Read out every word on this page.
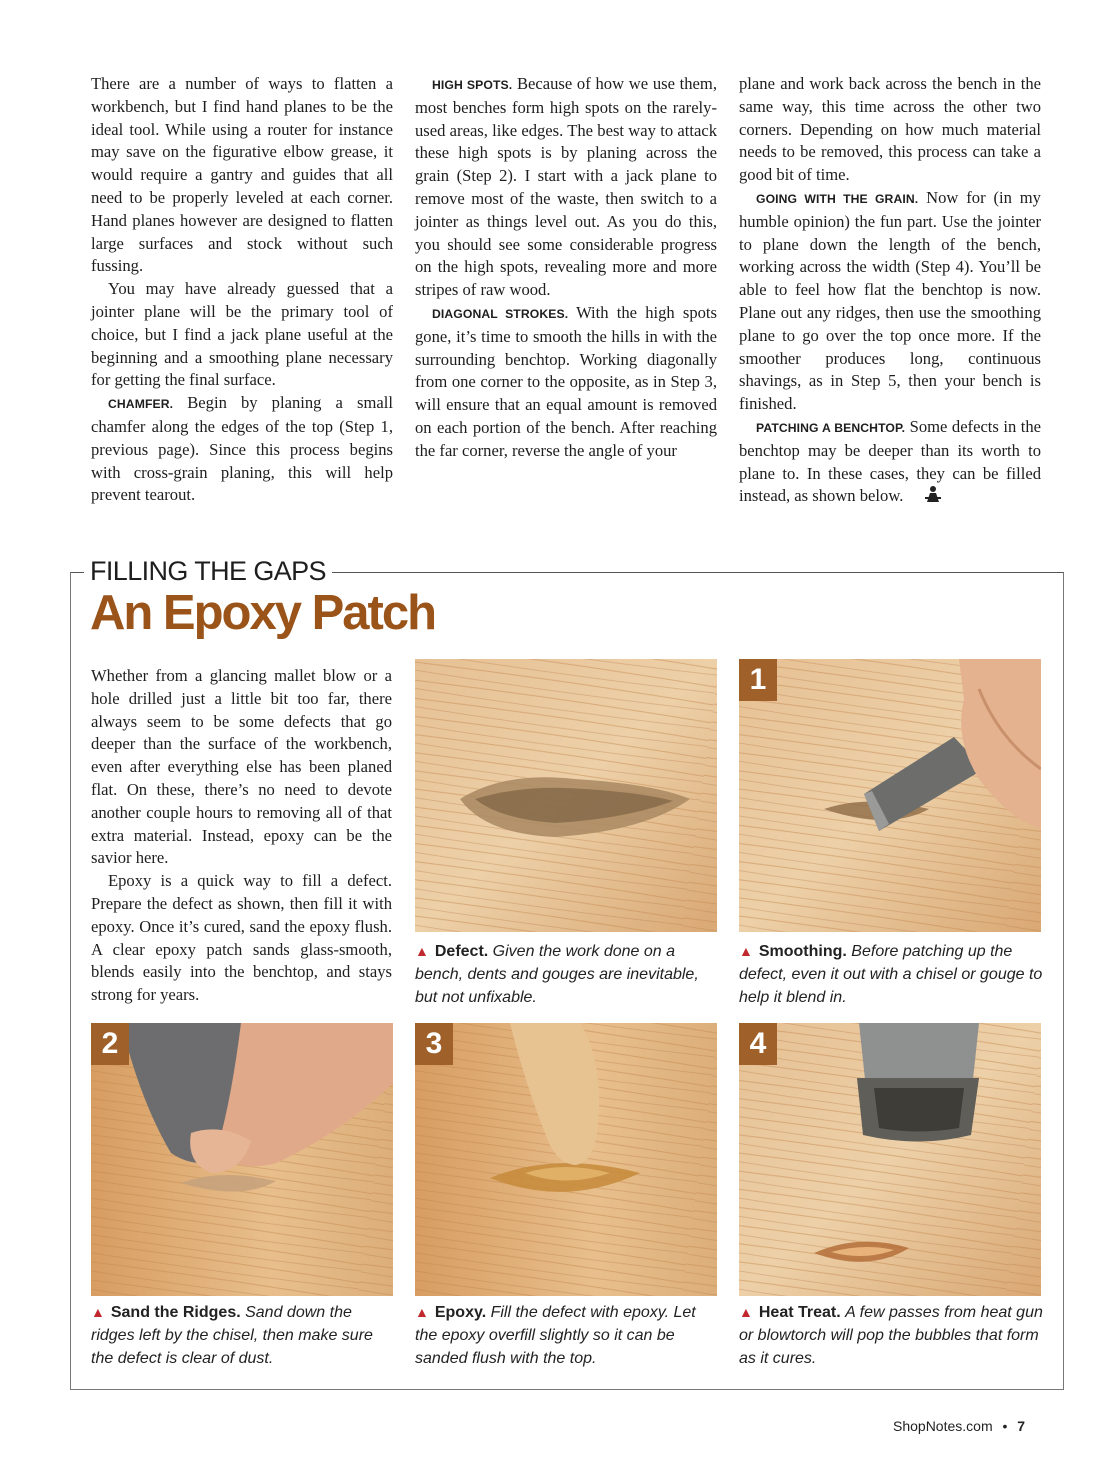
There are a number of ways to flatten a workbench, but I find hand planes to be the ideal tool. While using a router for instance may save on the figurative elbow grease, it would require a gantry and guides that all need to be properly leveled at each corner. Hand planes however are designed to flatten large surfaces and stock without such fussing.

You may have already guessed that a jointer plane will be the primary tool of choice, but I find a jack plane useful at the beginning and a smoothing plane necessary for getting the final surface.

CHAMFER. Begin by planing a small chamfer along the edges of the top (Step 1, previous page). Since this process begins with cross-grain planing, this will help prevent tearout.

HIGH SPOTS. Because of how we use them, most benches form high spots on the rarely-used areas, like edges. The best way to attack these high spots is by planing across the grain (Step 2). I start with a jack plane to remove most of the waste, then switch to a jointer as things level out. As you do this, you should see some considerable progress on the high spots, revealing more and more stripes of raw wood.

DIAGONAL STROKES. With the high spots gone, it’s time to smooth the hills in with the surrounding benchtop. Working diagonally from one corner to the opposite, as in Step 3, will ensure that an equal amount is removed on each portion of the bench. After reaching the far corner, reverse the angle of your

plane and work back across the bench in the same way, this time across the other two corners. Depending on how much material needs to be removed, this process can take a good bit of time.

GOING WITH THE GRAIN. Now for (in my humble opinion) the fun part. Use the jointer to plane down the length of the bench, working across the width (Step 4). You’ll be able to feel how flat the benchtop is now. Plane out any ridges, then use the smoothing plane to go over the top once more. If the smoother produces long, continuous shavings, as in Step 5, then your bench is finished.

PATCHING A BENCHTOP. Some defects in the benchtop may be deeper than its worth to plane to. In these cases, they can be filled instead, as shown below.

FILLING THE GAPS
An Epoxy Patch

Whether from a glancing mallet blow or a hole drilled just a little bit too far, there always seem to be some defects that go deeper than the surface of the workbench, even after everything else has been planed flat. On these, there’s no need to devote another couple hours to removing all of that extra material. Instead, epoxy can be the savior here.

Epoxy is a quick way to fill a defect. Prepare the defect as shown, then fill it with epoxy. Once it’s cured, sand the epoxy flush. A clear epoxy patch sands glass-smooth, blends easily into the benchtop, and stays strong for years.

▲ Defect. Given the work done on a bench, dents and gouges are inevitable, but not unfixable.
1
▲ Smoothing. Before patching up the defect, even it out with a chisel or gouge to help it blend in.
2
▲ Sand the Ridges. Sand down the ridges left by the chisel, then make sure the defect is clear of dust.
3
▲ Epoxy. Fill the defect with epoxy. Let the epoxy overfill slightly so it can be sanded flush with the top.
4
▲ Heat Treat. A few passes from heat gun or blowtorch will pop the bubbles that form as it cures.
ShopNotes.com • 7
